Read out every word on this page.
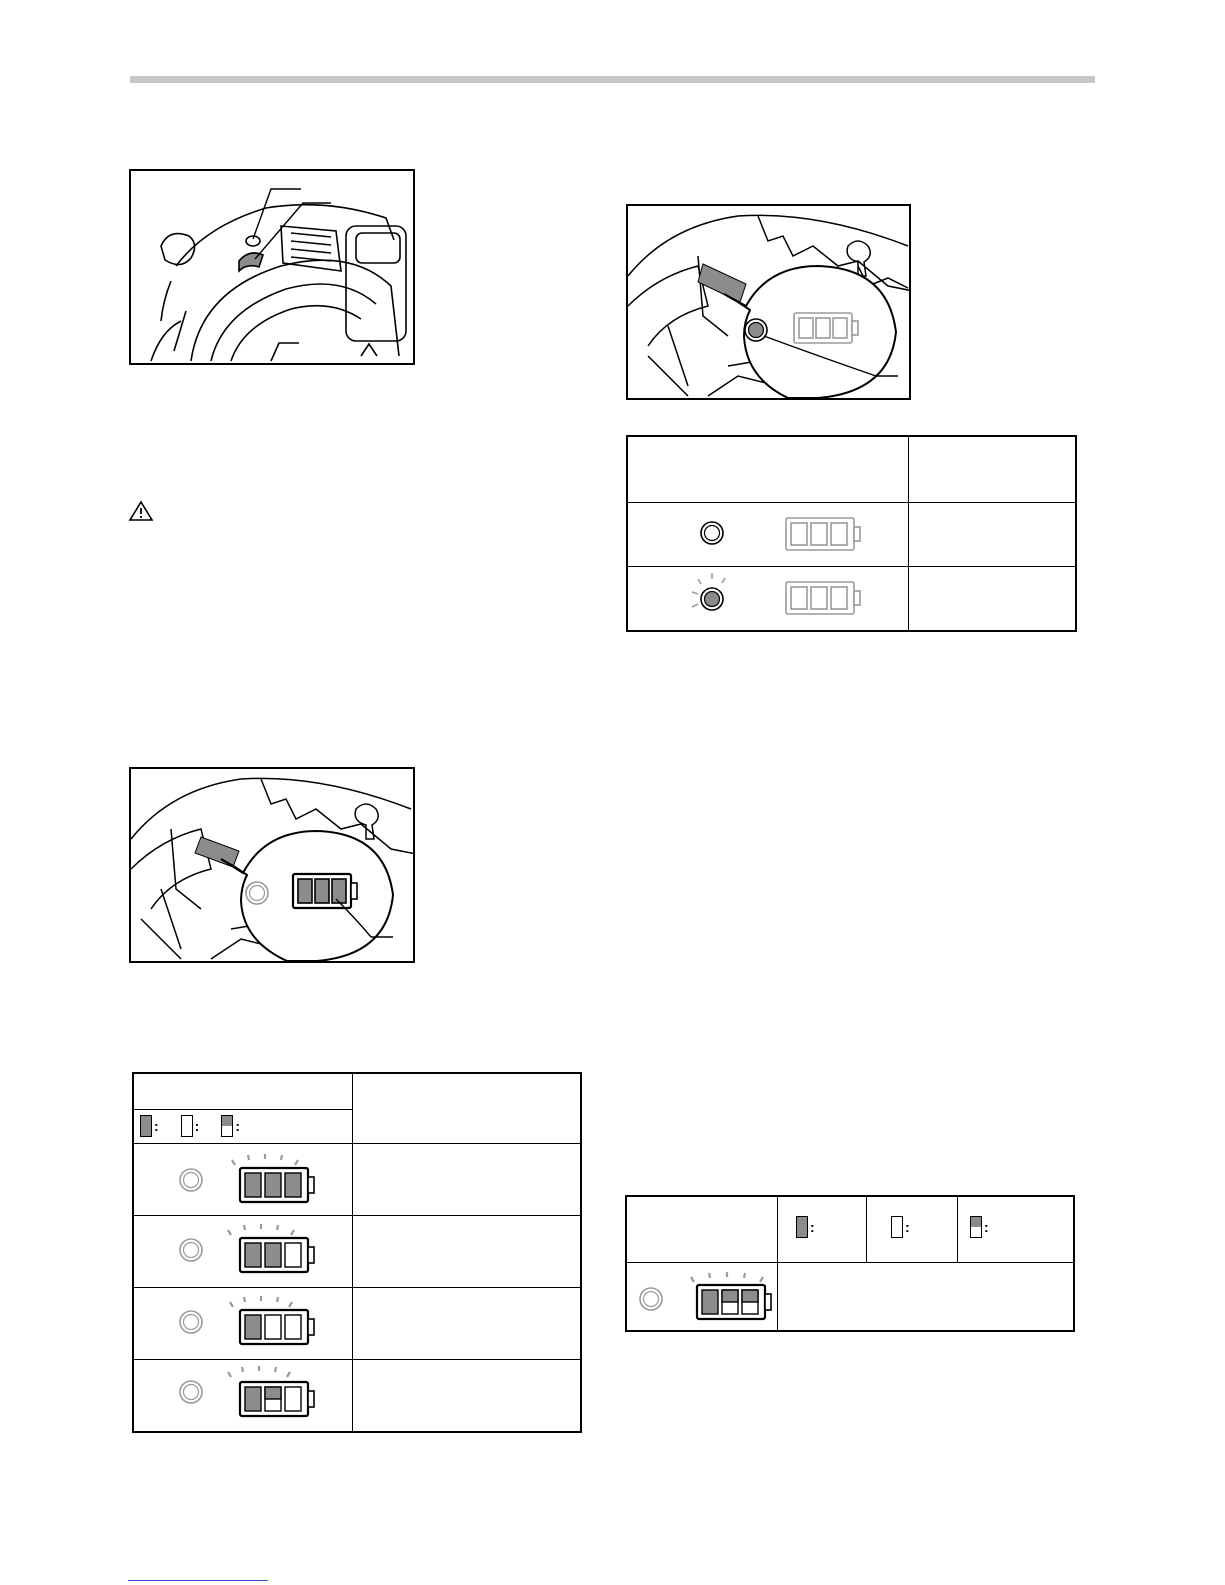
: : :	

	:	:	:
